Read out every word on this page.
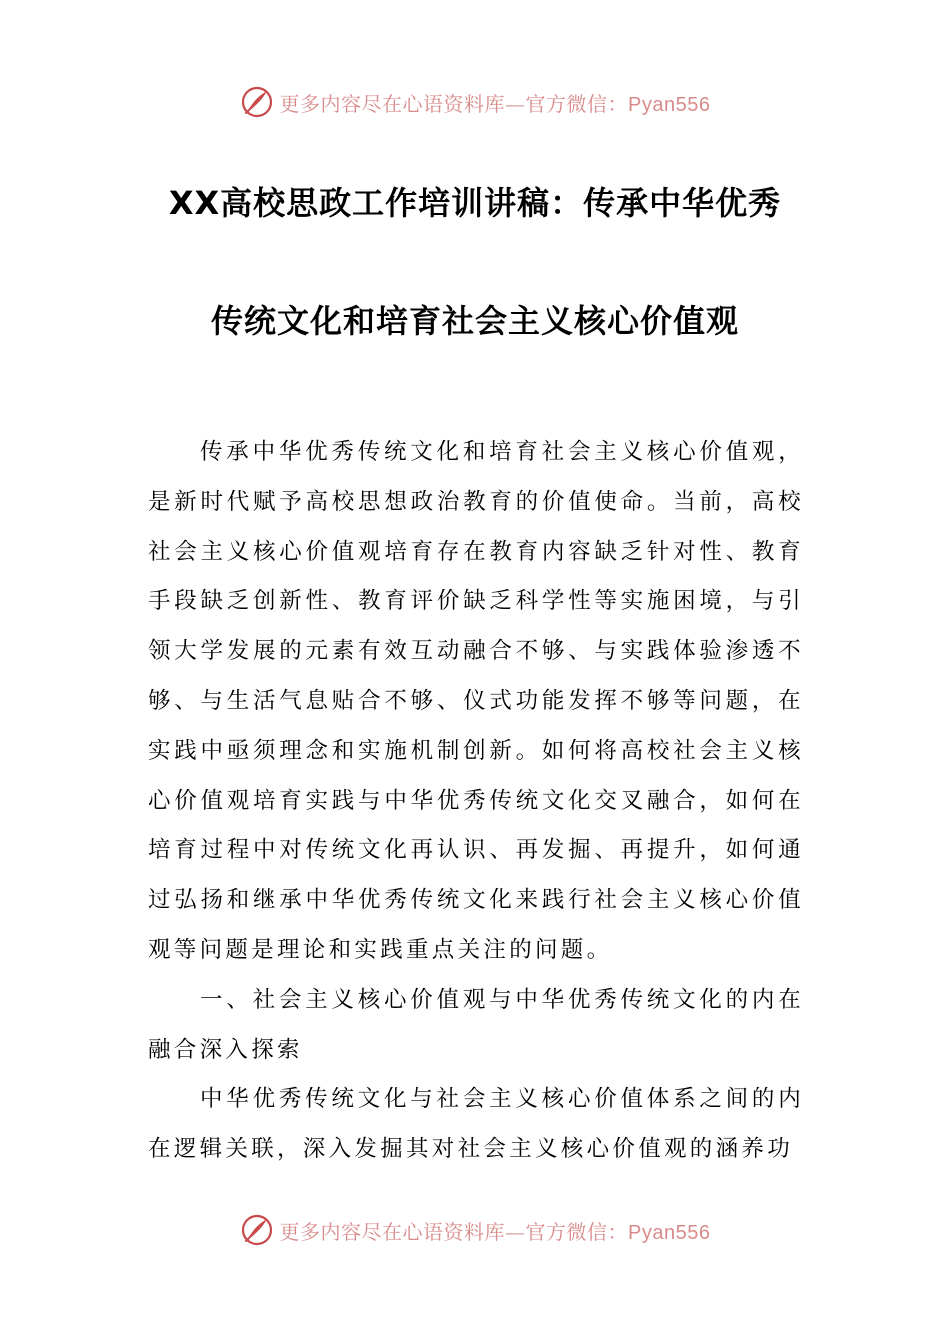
更多内容尽在心语资料库—官方微信：Pyan556
XX高校思政工作培训讲稿：传承中华优秀
传统文化和培育社会主义核心价值观

传承中华优秀传统文化和培育社会主义核心价值观，是新时代赋予高校思想政治教育的价值使命。当前，高校社会主义核心价值观培育存在教育内容缺乏针对性、教育手段缺乏创新性、教育评价缺乏科学性等实施困境，与引领大学发展的元素有效互动融合不够、与实践体验渗透不够、与生活气息贴合不够、仪式功能发挥不够等问题，在实践中亟须理念和实施机制创新。如何将高校社会主义核心价值观培育实践与中华优秀传统文化交叉融合，如何在培育过程中对传统文化再认识、再发掘、再提升，如何通过弘扬和继承中华优秀传统文化来践行社会主义核心价值观等问题是理论和实践重点关注的问题。

一、社会主义核心价值观与中华优秀传统文化的内在融合深入探索

中华优秀传统文化与社会主义核心价值体系之间的内在逻辑关联，深入发掘其对社会主义核心价值观的涵养功

更多内容尽在心语资料库—官方微信：Pyan556
